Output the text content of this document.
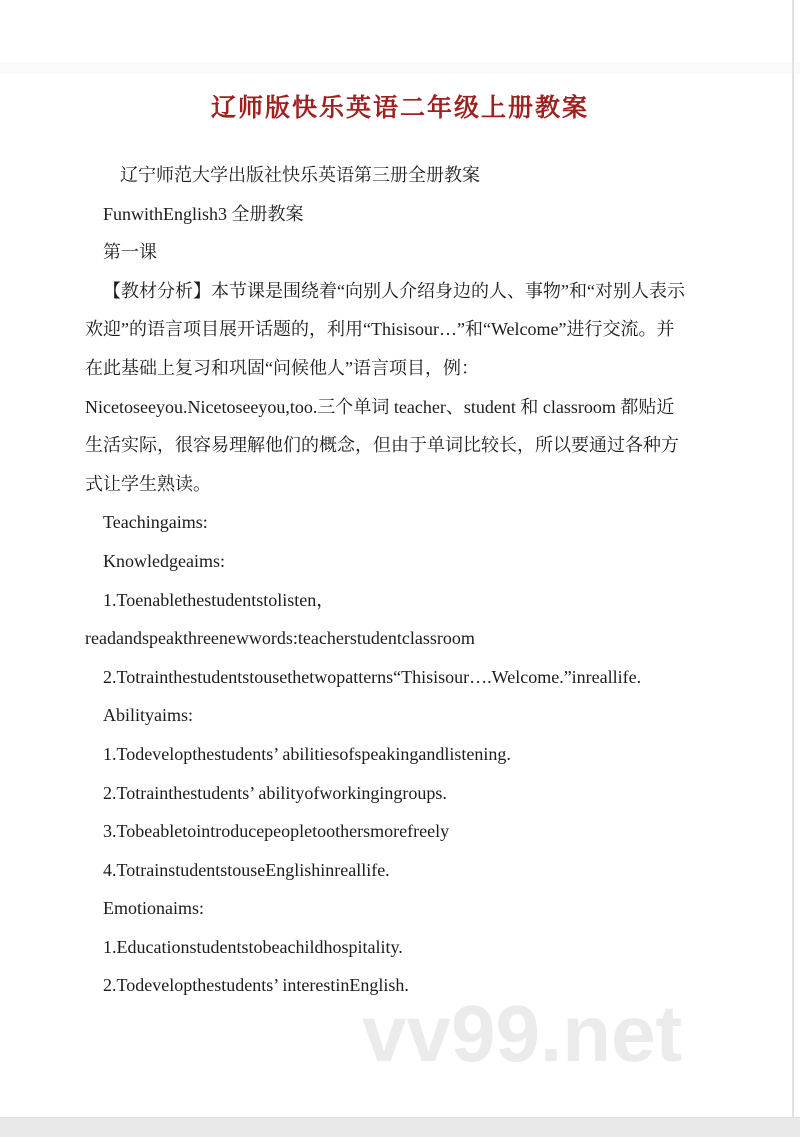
辽师版快乐英语二年级上册教案

辽宁师范大学出版社快乐英语第三册全册教案

FunwithEnglish3 全册教案

第一课

【教材分析】本节课是围绕着“向别人介绍身边的人、事物”和“对别人表示

欢迎”的语言项目展开话题的，利用“Thisisour…”和“Welcome”进行交流。并

在此基础上复习和巩固“问候他人”语言项目，例：

Nicetoseeyou.Nicetoseeyou,too.三个单词 teacher、student 和 classroom 都贴近

生活实际，很容易理解他们的概念，但由于单词比较长，所以要通过各种方

式让学生熟读。

Teachingaims:

Knowledgeaims:

1.Toenablethestudentstolisten，

readandspeakthreenewwords:teacherstudentclassroom

2.Totrainthestudentstousethetwopatterns“Thisisour….Welcome.”inreallife.

Abilityaims:

1.Todevelopthestudents’ abilitiesofspeakingandlistening.

2.Totrainthestudents’ abilityofworkingingroups.

3.Tobeabletointroducepeopletoothersmorefreely

4.TotrainstudentstouseEnglishinreallife.

Emotionaims:

1.Educationstudentstobeachildhospitality.

2.Todevelopthestudents’ interestinEnglish.

vv99.net
